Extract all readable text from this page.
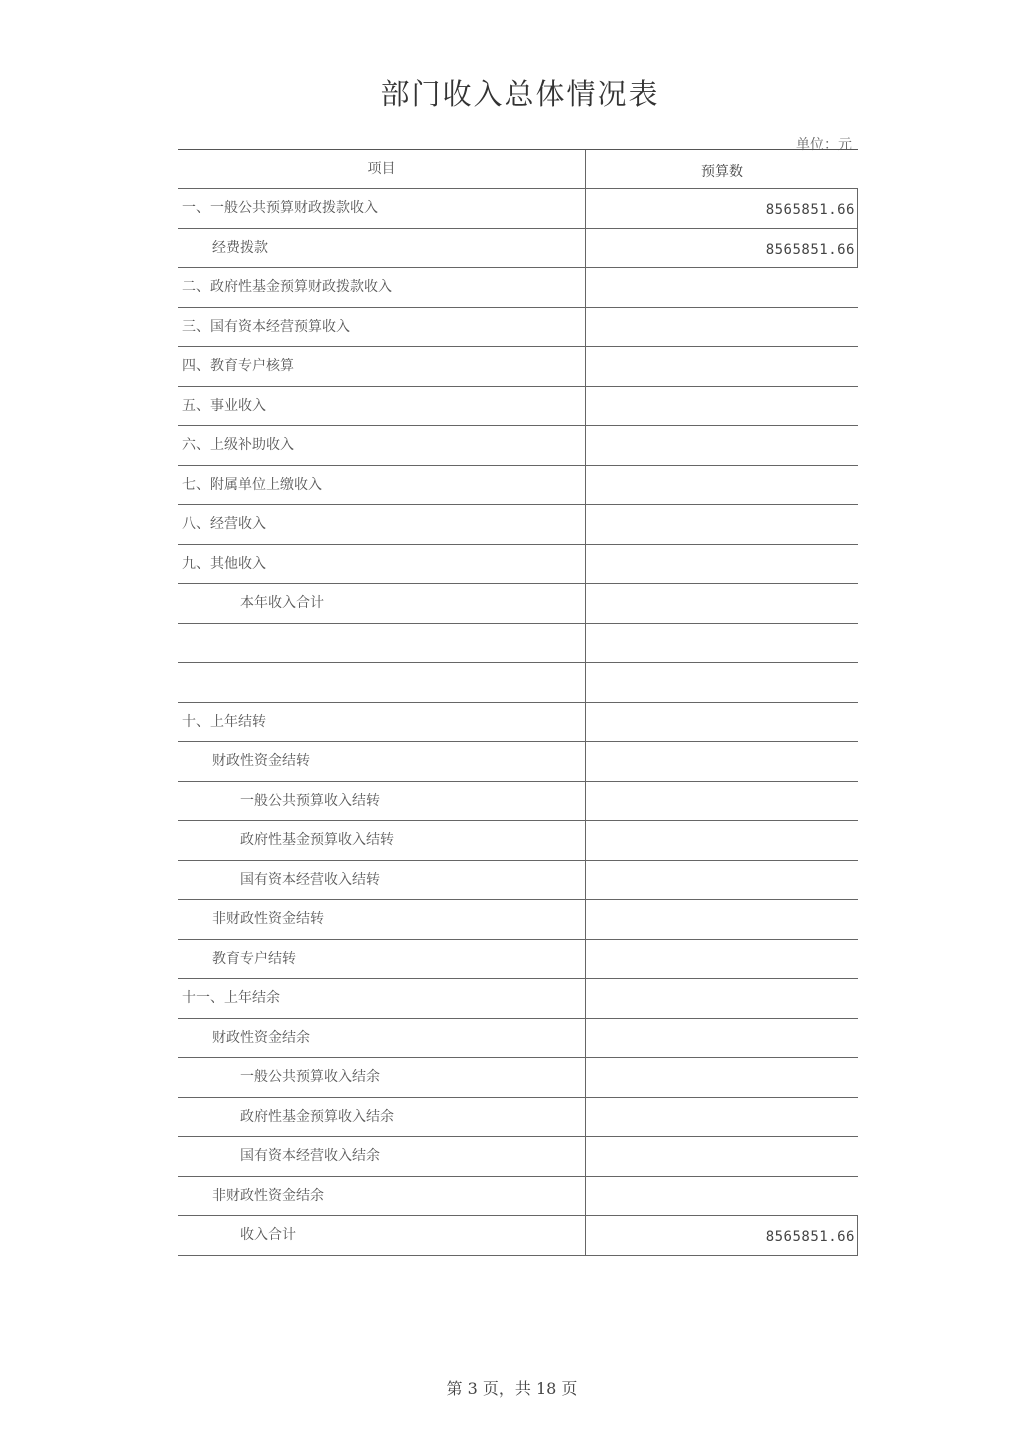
部门收入总体情况表
单位：元
项目	预算数
一、一般公共预算财政拨款收入	8565851.66
经费拨款	8565851.66
二、政府性基金预算财政拨款收入
三、国有资本经营预算收入
四、教育专户核算
五、事业收入
六、上级补助收入
七、附属单位上缴收入
八、经营收入
九、其他收入
本年收入合计
十、上年结转
财政性资金结转
一般公共预算收入结转
政府性基金预算收入结转
国有资本经营收入结转
非财政性资金结转
教育专户结转
十一、上年结余
财政性资金结余
一般公共预算收入结余
政府性基金预算收入结余
国有资本经营收入结余
非财政性资金结余
收入合计	8565851.66
第 3 页，共 18 页
